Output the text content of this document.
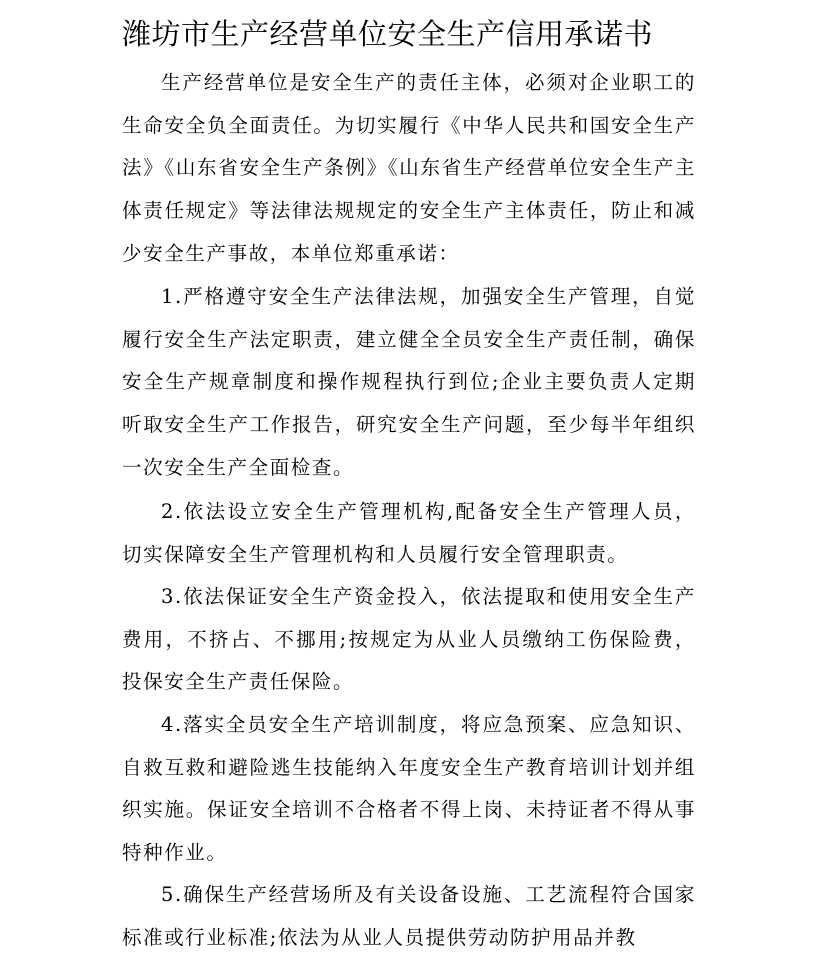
潍坊市生产经营单位安全生产信用承诺书

生产经营单位是安全生产的责任主体，必须对企业职工的生命安全负全面责任。为切实履行《中华人民共和国安全生产法》《山东省安全生产条例》《山东省生产经营单位安全生产主体责任规定》等法律法规规定的安全生产主体责任，防止和减少安全生产事故，本单位郑重承诺：

1.严格遵守安全生产法律法规，加强安全生产管理，自觉履行安全生产法定职责，建立健全全员安全生产责任制，确保安全生产规章制度和操作规程执行到位;企业主要负责人定期听取安全生产工作报告，研究安全生产问题，至少每半年组织一次安全生产全面检查。

2.依法设立安全生产管理机构,配备安全生产管理人员，切实保障安全生产管理机构和人员履行安全管理职责。

3.依法保证安全生产资金投入，依法提取和使用安全生产费用，不挤占、不挪用;按规定为从业人员缴纳工伤保险费，投保安全生产责任保险。

4.落实全员安全生产培训制度，将应急预案、应急知识、自救互救和避险逃生技能纳入年度安全生产教育培训计划并组织实施。保证安全培训不合格者不得上岗、未持证者不得从事特种作业。

5.确保生产经营场所及有关设备设施、工艺流程符合国家标准或行业标准;依法为从业人员提供劳动防护用品并教
